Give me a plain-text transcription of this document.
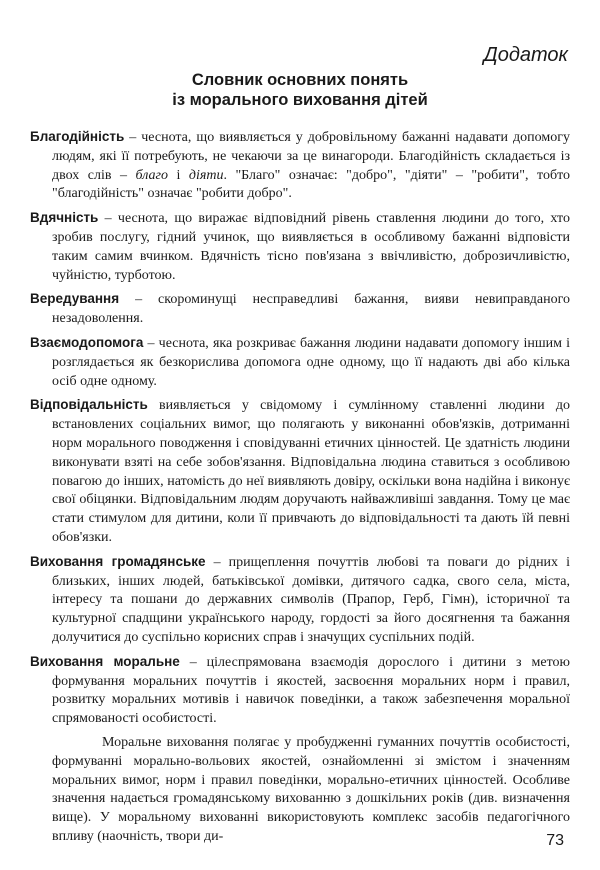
Додаток
Словник основних понять
із морального виховання дітей

Благодійність – чеснота, що виявляється у добровільному бажанні надавати допомогу людям, які її потребують, не чекаючи за це винагороди. Благодійність складається із двох слів – благо і діяти. "Благо" означає: "добро", "діяти" – "робити", тобто "благодійність" означає "робити добро".

Вдячність – чеснота, що виражає відповідний рівень ставлення людини до того, хто зробив послугу, гідний учинок, що виявляється в особливому бажанні відповісти таким самим вчинком. Вдячність тісно пов'язана з ввічливістю, доброзичливістю, чуйністю, турботою.

Вередування – скороминущі несправедливі бажання, вияви невиправданого незадоволення.

Взаємодопомога – чеснота, яка розкриває бажання людини надавати допомогу іншим і розглядається як безкорислива допомога одне одному, що її надають дві або кілька осіб одне одному.

Відповідальність виявляється у свідомому і сумлінному ставленні людини до встановлених соціальних вимог, що полягають у виконанні обов'язків, дотриманні норм морального поводження і сповідуванні етичних цінностей. Це здатність людини виконувати взяті на себе зобов'язання. Відповідальна людина ставиться з особливою повагою до інших, натомість до неї виявляють довіру, оскільки вона надійна і виконує свої обіцянки. Відповідальним людям доручають найважливіші завдання. Тому це має стати стимулом для дитини, коли її привчають до відповідальності та дають їй певні обов'язки.

Виховання громадянське – прищеплення почуттів любові та поваги до рідних і близьких, інших людей, батьківської домівки, дитячого садка, свого села, міста, інтересу та пошани до державних символів (Прапор, Герб, Гімн), історичної та культурної спадщини українського народу, гордості за його досягнення та бажання долучитися до суспільно корисних справ і значущих суспільних подій.

Виховання моральне – цілеспрямована взаємодія дорослого і дитини з метою формування моральних почуттів і якостей, засвоєння моральних норм і правил, розвитку моральних мотивів і навичок поведінки, а також забезпечення моральної спрямованості особистості.

Моральне виховання полягає у пробудженні гуманних почуттів особистості, формуванні морально-вольових якостей, ознайомленні зі змістом і значенням моральних вимог, норм і правил поведінки, морально-етичних цінностей. Особливе значення надається громадянському вихованню з дошкільних років (див. визначення вище). У моральному вихованні використовують комплекс засобів педагогічного впливу (наочність, твори ди-	73
